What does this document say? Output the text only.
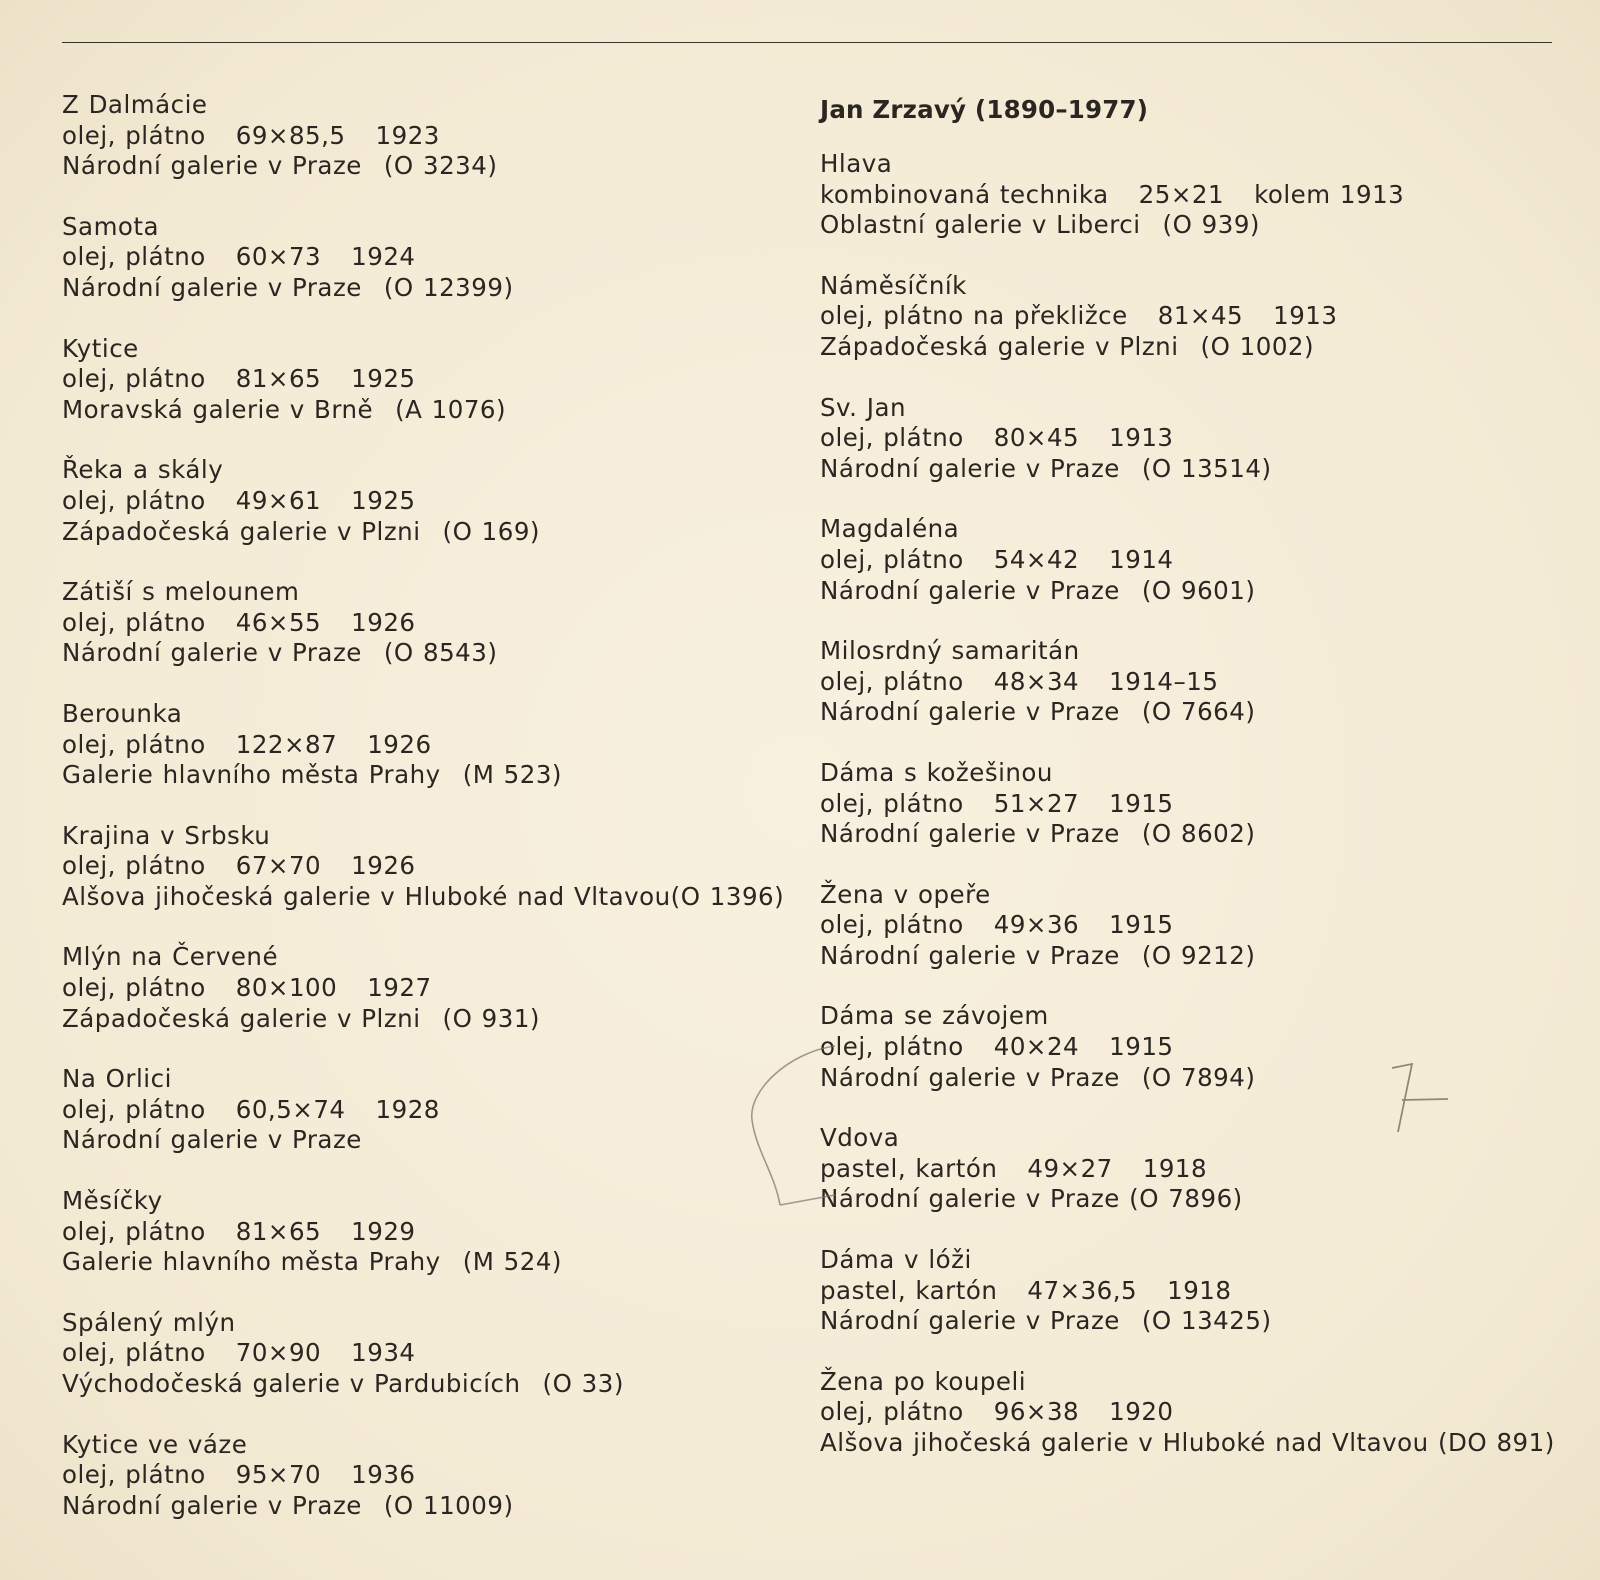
Z Dalmácie
olej, plátno 69×85,5 1923
Národní galerie v Praze (O 3234)
Samota
olej, plátno 60×73 1924
Národní galerie v Praze (O 12399)
Kytice
olej, plátno 81×65 1925
Moravská galerie v Brně (A 1076)
Řeka a skály
olej, plátno 49×61 1925
Západočeská galerie v Plzni (O 169)
Zátiší s melounem
olej, plátno 46×55 1926
Národní galerie v Praze (O 8543)
Berounka
olej, plátno 122×87 1926
Galerie hlavního města Prahy (M 523)
Krajina v Srbsku
olej, plátno 67×70 1926
Alšova jihočeská galerie v Hluboké nad Vltavou(O 1396)
Mlýn na Červené
olej, plátno 80×100 1927
Západočeská galerie v Plzni (O 931)
Na Orlici
olej, plátno 60,5×74 1928
Národní galerie v Praze
Měsíčky
olej, plátno 81×65 1929
Galerie hlavního města Prahy (M 524)
Spálený mlýn
olej, plátno 70×90 1934
Východočeská galerie v Pardubicích (O 33)
Kytice ve váze
olej, plátno 95×70 1936
Národní galerie v Praze (O 11009)
Jan Zrzavý (1890–1977)
Hlava
kombinovaná technika 25×21 kolem 1913
Oblastní galerie v Liberci (O 939)
Náměsíčník
olej, plátno na překližce 81×45 1913
Západočeská galerie v Plzni (O 1002)
Sv. Jan
olej, plátno 80×45 1913
Národní galerie v Praze (O 13514)
Magdaléna
olej, plátno 54×42 1914
Národní galerie v Praze (O 9601)
Milosrdný samaritán
olej, plátno 48×34 1914–15
Národní galerie v Praze (O 7664)
Dáma s kožešinou
olej, plátno 51×27 1915
Národní galerie v Praze (O 8602)
Žena v opeře
olej, plátno 49×36 1915
Národní galerie v Praze (O 9212)
Dáma se závojem
olej, plátno 40×24 1915
Národní galerie v Praze (O 7894)
Vdova
pastel, kartón 49×27 1918
Národní galerie v Praze (O 7896)
Dáma v lóži
pastel, kartón 47×36,5 1918
Národní galerie v Praze (O 13425)
Žena po koupeli
olej, plátno 96×38 1920
Alšova jihočeská galerie v Hluboké nad Vltavou (DO 891)
